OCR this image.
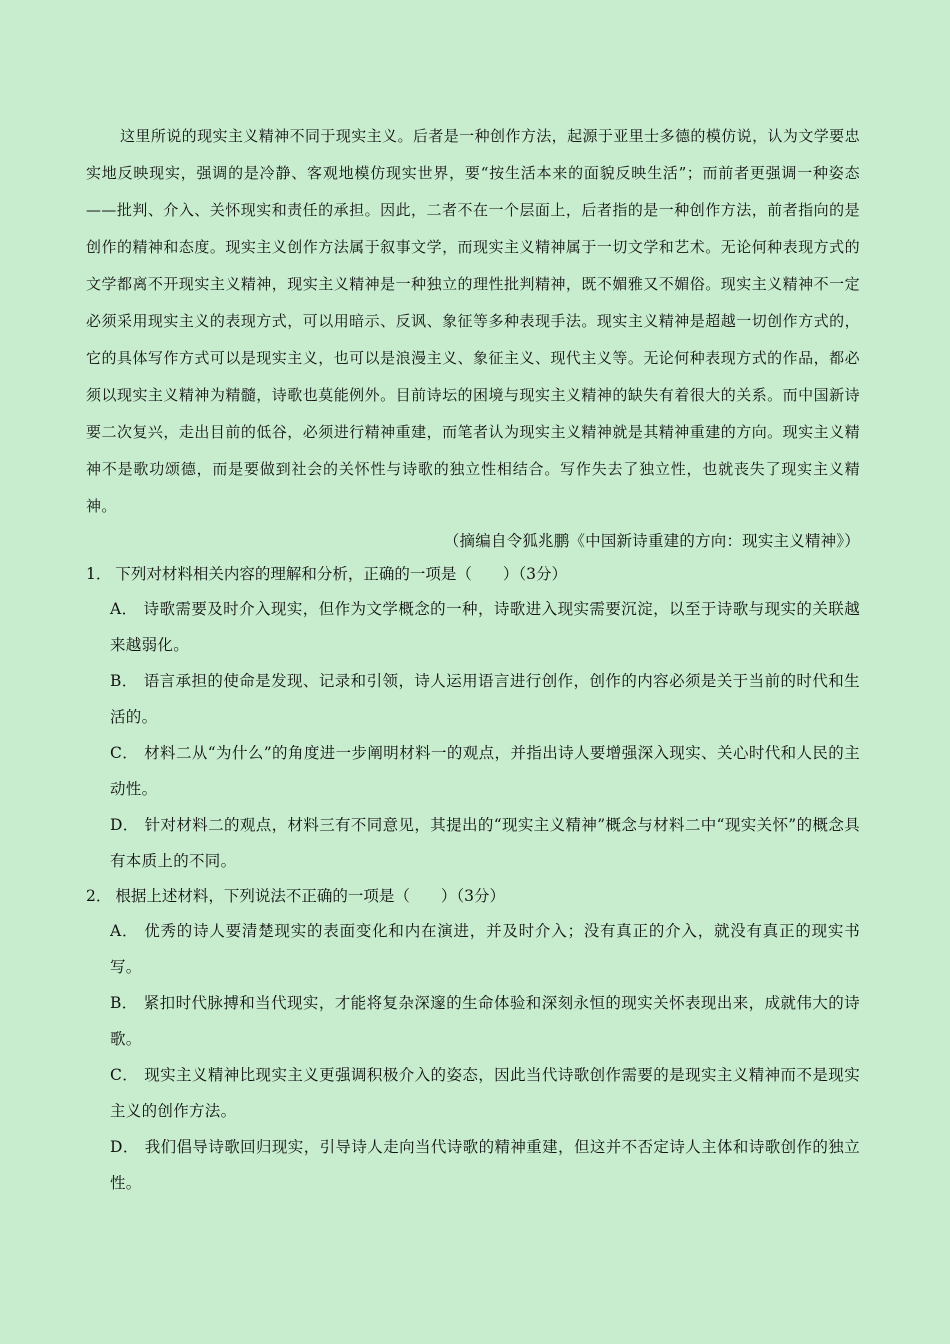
这里所说的现实主义精神不同于现实主义。后者是一种创作方法，起源于亚里士多德的模仿说，认为文学要忠实地反映现实，强调的是冷静、客观地模仿现实世界，要“按生活本来的面貌反映生活”；而前者更强调一种姿态——批判、介入、关怀现实和责任的承担。因此，二者不在一个层面上，后者指的是一种创作方法，前者指向的是创作的精神和态度。现实主义创作方法属于叙事文学，而现实主义精神属于一切文学和艺术。无论何种表现方式的文学都离不开现实主义精神，现实主义精神是一种独立的理性批判精神，既不媚雅又不媚俗。现实主义精神不一定必须采用现实主义的表现方式，可以用暗示、反讽、象征等多种表现手法。现实主义精神是超越一切创作方式的，它的具体写作方式可以是现实主义，也可以是浪漫主义、象征主义、现代主义等。无论何种表现方式的作品，都必须以现实主义精神为精髓，诗歌也莫能例外。目前诗坛的困境与现实主义精神的缺失有着很大的关系。而中国新诗要二次复兴，走出目前的低谷，必须进行精神重建，而笔者认为现实主义精神就是其精神重建的方向。现实主义精神不是歌功颂德，而是要做到社会的关怀性与诗歌的独立性相结合。写作失去了独立性，也就丧失了现实主义精神。

（摘编自令狐兆鹏《中国新诗重建的方向：现实主义精神》）

1． 下列对材料相关内容的理解和分析，正确的一项是（　　）（3分）

A． 诗歌需要及时介入现实，但作为文学概念的一种，诗歌进入现实需要沉淀，以至于诗歌与现实的关联越来越弱化。

B． 语言承担的使命是发现、记录和引领，诗人运用语言进行创作，创作的内容必须是关于当前的时代和生活的。

C． 材料二从“为什么”的角度进一步阐明材料一的观点，并指出诗人要增强深入现实、关心时代和人民的主动性。

D． 针对材料二的观点，材料三有不同意见，其提出的“现实主义精神”概念与材料二中“现实关怀”的概念具有本质上的不同。

2． 根据上述材料，下列说法不正确的一项是（　　）（3分）

A． 优秀的诗人要清楚现实的表面变化和内在演进，并及时介入；没有真正的介入，就没有真正的现实书写。

B． 紧扣时代脉搏和当代现实，才能将复杂深邃的生命体验和深刻永恒的现实关怀表现出来，成就伟大的诗歌。

C． 现实主义精神比现实主义更强调积极介入的姿态，因此当代诗歌创作需要的是现实主义精神而不是现实主义的创作方法。

D． 我们倡导诗歌回归现实，引导诗人走向当代诗歌的精神重建，但这并不否定诗人主体和诗歌创作的独立性。
